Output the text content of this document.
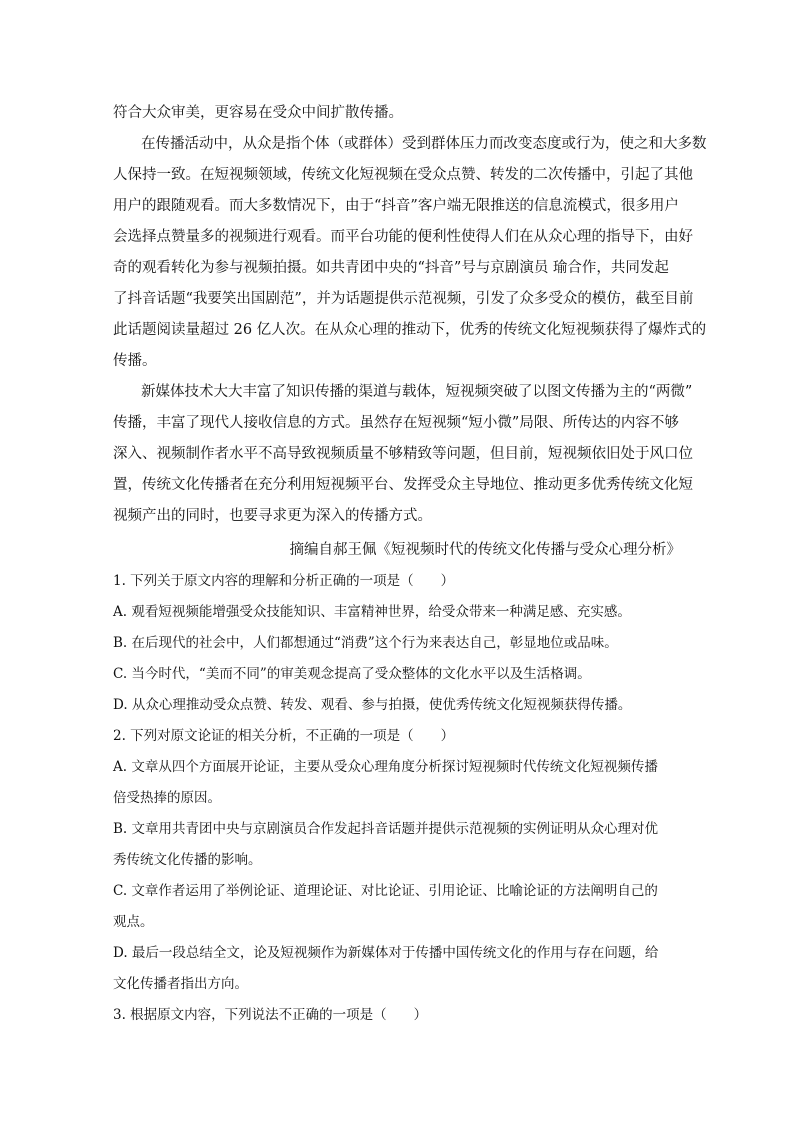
符合大众审美，更容易在受众中间扩散传播。
在传播活动中，从众是指个体（或群体）受到群体压力而改变态度或行为，使之和大多数
人保持一致。在短视频领域，传统文化短视频在受众点赞、转发的二次传播中，引起了其他
用户的跟随观看。而大多数情况下，由于“抖音”客户端无限推送的信息流模式，很多用户
会选择点赞量多的视频进行观看。而平台功能的便利性使得人们在从众心理的指导下，由好
奇的观看转化为参与视频拍摄。如共青团中央的“抖音”号与京剧演员 瑜合作，共同发起
了抖音话题“我要笑出国剧范”，并为话题提供示范视频，引发了众多受众的模仿，截至目前
此话题阅读量超过 26 亿人次。在从众心理的推动下，优秀的传统文化短视频获得了爆炸式的
传播。
新媒体技术大大丰富了知识传播的渠道与载体，短视频突破了以图文传播为主的“两微”
传播，丰富了现代人接收信息的方式。虽然存在短视频“短小微”局限、所传达的内容不够
深入、视频制作者水平不高导致视频质量不够精致等问题，但目前，短视频依旧处于风口位
置，传统文化传播者在充分利用短视频平台、发挥受众主导地位、推动更多优秀传统文化短
视频产出的同时，也要寻求更为深入的传播方式。
摘编自郝王佩《短视频时代的传统文化传播与受众心理分析》
1. 下列关于原文内容的理解和分析正确的一项是（　　）
A. 观看短视频能增强受众技能知识、丰富精神世界，给受众带来一种满足感、充实感。
B. 在后现代的社会中，人们都想通过“消费”这个行为来表达自己，彰显地位或品味。
C. 当今时代，“美而不同”的审美观念提高了受众整体的文化水平以及生活格调。
D. 从众心理推动受众点赞、转发、观看、参与拍摄，使优秀传统文化短视频获得传播。
2. 下列对原文论证的相关分析，不正确的一项是（　　）
A. 文章从四个方面展开论证，主要从受众心理角度分析探讨短视频时代传统文化短视频传播
倍受热捧的原因。
B. 文章用共青团中央与京剧演员合作发起抖音话题并提供示范视频的实例证明从众心理对优
秀传统文化传播的影响。
C. 文章作者运用了举例论证、道理论证、对比论证、引用论证、比喻论证的方法阐明自己的
观点。
D. 最后一段总结全文，论及短视频作为新媒体对于传播中国传统文化的作用与存在问题，给
文化传播者指出方向。
3. 根据原文内容，下列说法不正确的一项是（　　）
